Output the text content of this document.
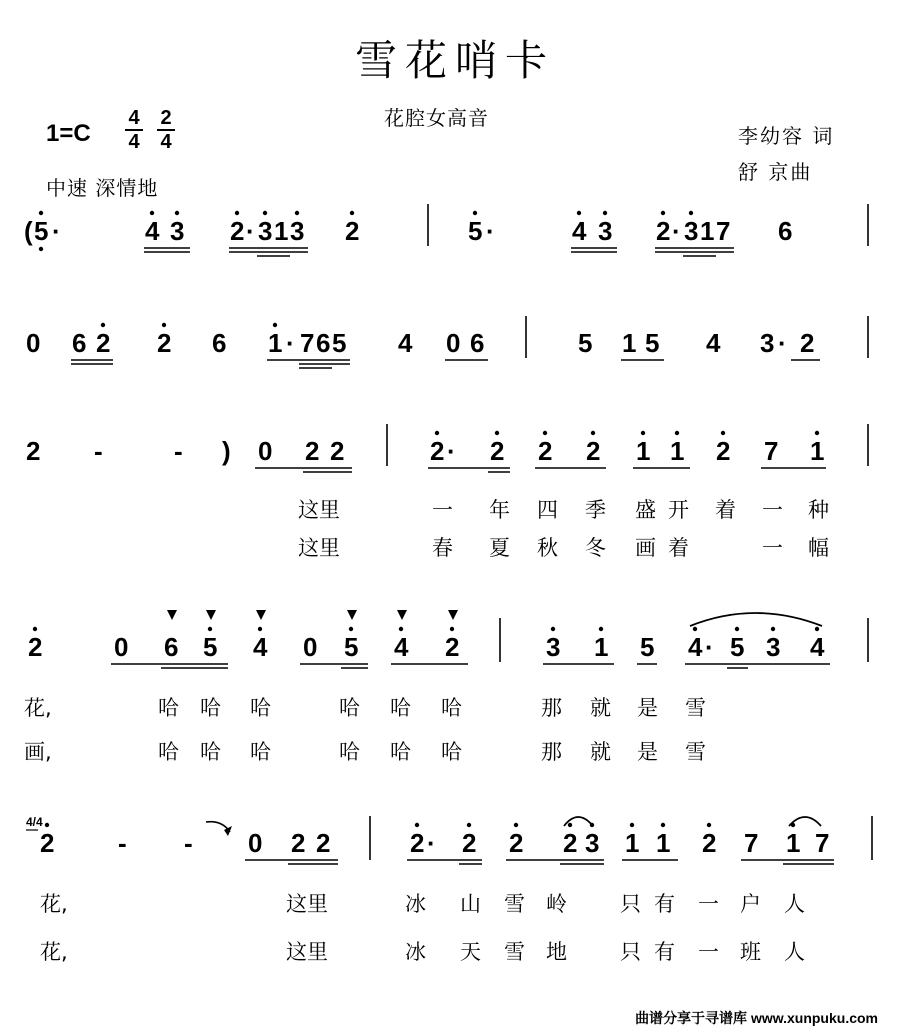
雪花哨卡
花腔女高音
1=C
4
4
2
4
中速 深情地
李幼容 词
舒 京曲
( 5 ·	4 3 2 · 3 1 3 2	5 ·	4 3 2 · 3 1 7 6
0 6 2 2 6 1 · 7 6 5 4 0 6	5 1 5 4 3 · 2
2 -	- ) 0 2 2	2 · 2 2 2 1 1 2 7 1
这里	一 年 四 季 盛 开 着 一 种
这里	春 夏 秋 冬 画 着	一 幅
2	0 6 5 4 0 5 4 2	3 1 5 4 · 5 3 4
花,	哈 哈 哈	哈 哈 哈	那 就 是 雪
画,	哈 哈 哈	哈 哈 哈	那 就 是 雪
4/4
2 - - 0 2 2	2 · 2 2 2 3 1 1 2 7 1 7
花,	这里	冰 山 雪 岭	只 有 一 户 人
花,	这里	冰 天 雪 地	只 有 一 班 人
曲谱分享于寻谱库 www.xunpuku.com
